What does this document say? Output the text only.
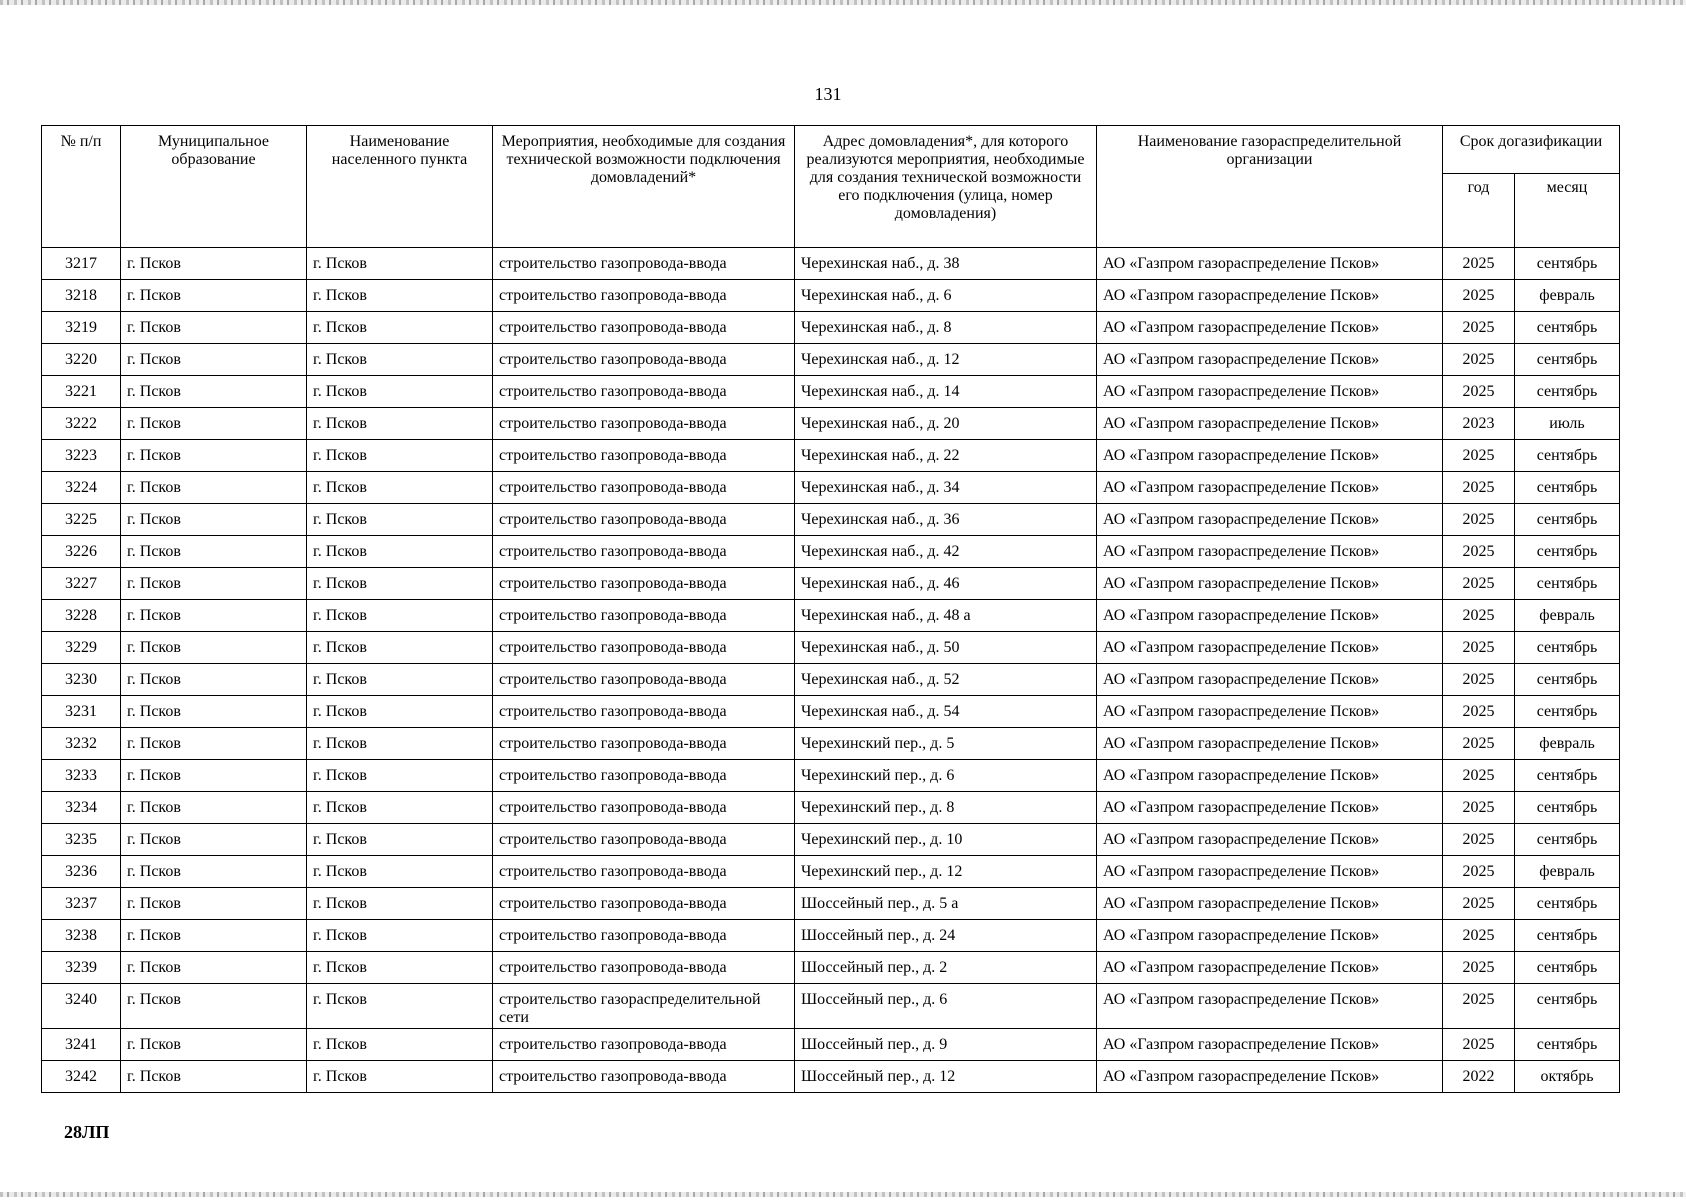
131
№ п/п	Муниципальное образование	Наименование населенного пункта	Мероприятия, необходимые для создания технической возможности подключения домовладений*	Адрес домовладения*, для которого реализуются мероприятия, необходимые для создания технической возможности его подключения (улица, номер домовладения)	Наименование газораспределительной организации	Срок догазификации	
						год	месяц
3217	г. Псков	г. Псков	строительство газопровода-ввода	Черехинская наб., д. 38	АО «Газпром газораспределение Псков»	2025	сентябрь
3218	г. Псков	г. Псков	строительство газопровода-ввода	Черехинская наб., д. 6	АО «Газпром газораспределение Псков»	2025	февраль
3219	г. Псков	г. Псков	строительство газопровода-ввода	Черехинская наб., д. 8	АО «Газпром газораспределение Псков»	2025	сентябрь
3220	г. Псков	г. Псков	строительство газопровода-ввода	Черехинская наб., д. 12	АО «Газпром газораспределение Псков»	2025	сентябрь
3221	г. Псков	г. Псков	строительство газопровода-ввода	Черехинская наб., д. 14	АО «Газпром газораспределение Псков»	2025	сентябрь
3222	г. Псков	г. Псков	строительство газопровода-ввода	Черехинская наб., д. 20	АО «Газпром газораспределение Псков»	2023	июль
3223	г. Псков	г. Псков	строительство газопровода-ввода	Черехинская наб., д. 22	АО «Газпром газораспределение Псков»	2025	сентябрь
3224	г. Псков	г. Псков	строительство газопровода-ввода	Черехинская наб., д. 34	АО «Газпром газораспределение Псков»	2025	сентябрь
3225	г. Псков	г. Псков	строительство газопровода-ввода	Черехинская наб., д. 36	АО «Газпром газораспределение Псков»	2025	сентябрь
3226	г. Псков	г. Псков	строительство газопровода-ввода	Черехинская наб., д. 42	АО «Газпром газораспределение Псков»	2025	сентябрь
3227	г. Псков	г. Псков	строительство газопровода-ввода	Черехинская наб., д. 46	АО «Газпром газораспределение Псков»	2025	сентябрь
3228	г. Псков	г. Псков	строительство газопровода-ввода	Черехинская наб., д. 48 а	АО «Газпром газораспределение Псков»	2025	февраль
3229	г. Псков	г. Псков	строительство газопровода-ввода	Черехинская наб., д. 50	АО «Газпром газораспределение Псков»	2025	сентябрь
3230	г. Псков	г. Псков	строительство газопровода-ввода	Черехинская наб., д. 52	АО «Газпром газораспределение Псков»	2025	сентябрь
3231	г. Псков	г. Псков	строительство газопровода-ввода	Черехинская наб., д. 54	АО «Газпром газораспределение Псков»	2025	сентябрь
3232	г. Псков	г. Псков	строительство газопровода-ввода	Черехинский пер., д. 5	АО «Газпром газораспределение Псков»	2025	февраль
3233	г. Псков	г. Псков	строительство газопровода-ввода	Черехинский пер., д. 6	АО «Газпром газораспределение Псков»	2025	сентябрь
3234	г. Псков	г. Псков	строительство газопровода-ввода	Черехинский пер., д. 8	АО «Газпром газораспределение Псков»	2025	сентябрь
3235	г. Псков	г. Псков	строительство газопровода-ввода	Черехинский пер., д. 10	АО «Газпром газораспределение Псков»	2025	сентябрь
3236	г. Псков	г. Псков	строительство газопровода-ввода	Черехинский пер., д. 12	АО «Газпром газораспределение Псков»	2025	февраль
3237	г. Псков	г. Псков	строительство газопровода-ввода	Шоссейный пер., д. 5 а	АО «Газпром газораспределение Псков»	2025	сентябрь
3238	г. Псков	г. Псков	строительство газопровода-ввода	Шоссейный пер., д. 24	АО «Газпром газораспределение Псков»	2025	сентябрь
3239	г. Псков	г. Псков	строительство газопровода-ввода	Шоссейный пер., д. 2	АО «Газпром газораспределение Псков»	2025	сентябрь
3240	г. Псков	г. Псков	строительство газораспределительной сети	Шоссейный пер., д. 6	АО «Газпром газораспределение Псков»	2025	сентябрь
3241	г. Псков	г. Псков	строительство газопровода-ввода	Шоссейный пер., д. 9	АО «Газпром газораспределение Псков»	2025	сентябрь
3242	г. Псков	г. Псков	строительство газопровода-ввода	Шоссейный пер., д. 12	АО «Газпром газораспределение Псков»	2022	октябрь
28ЛП
